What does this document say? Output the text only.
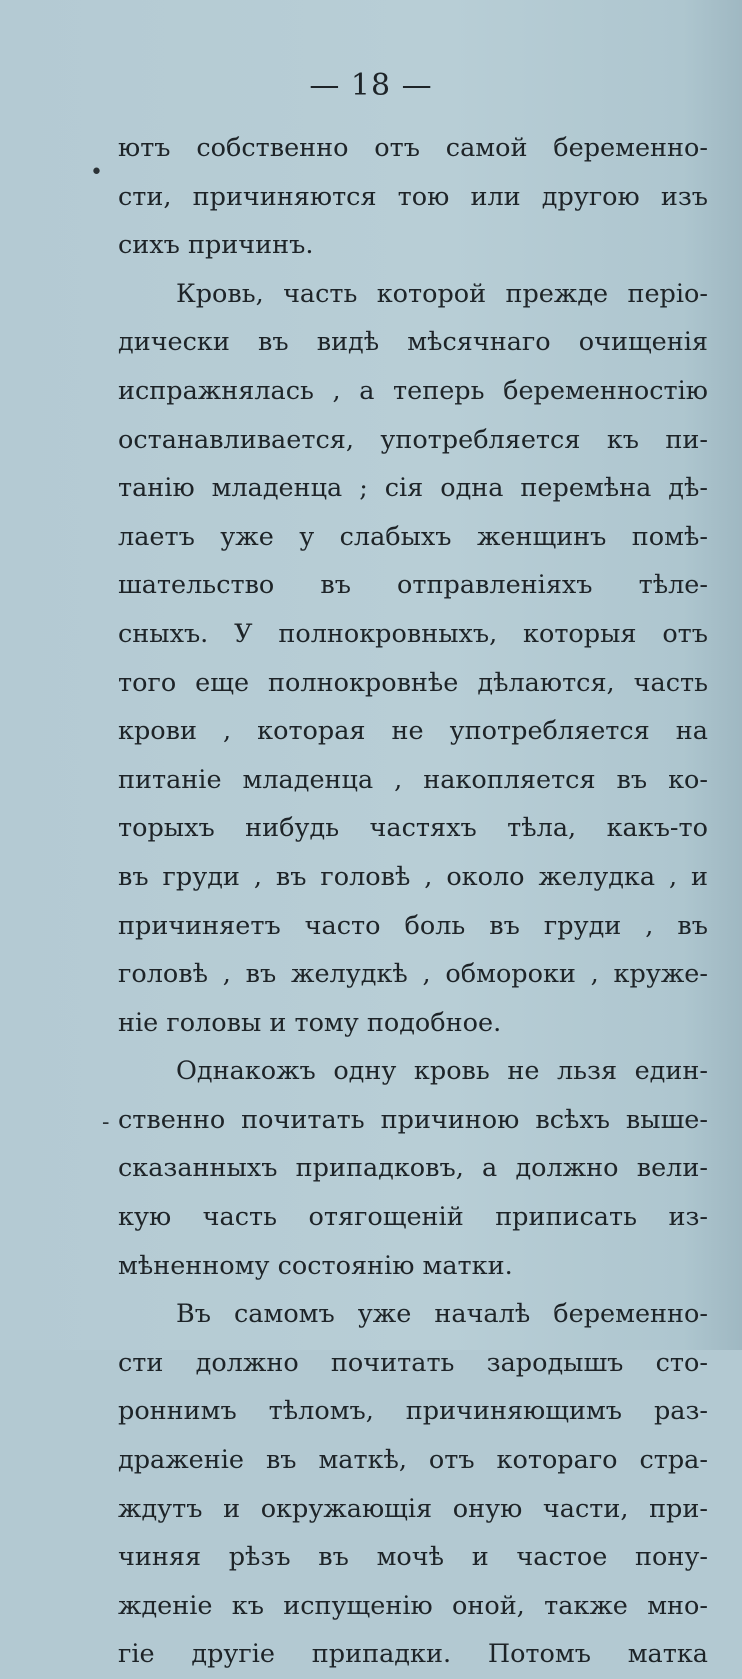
— 18 —
•
-
ютъ собственно отъ самой беременно-
сти, причиняются тою или другою изъ
сихъ причинъ.
Кровь, часть которой прежде періо-
дически въ видѣ мѣсячнаго очищенія
испражнялась , а теперь беременностію
останавливается, употребляется къ пи-
танію младенца ; сія одна перемѣна дѣ-
лаетъ уже у слабыхъ женщинъ помѣ-
шательство въ отправленіяхъ тѣле-
сныхъ. У полнокровныхъ, которыя отъ
того еще полнокровнѣе дѣлаются, часть
крови , которая не употребляется на
питаніе младенца , накопляется въ ко-
торыхъ нибудь частяхъ тѣла, какъ-то
въ груди , въ головѣ , около желудка , и
причиняетъ часто боль въ груди , въ
головѣ , въ желудкѣ , обмороки , круже-
ніе головы и тому подобное.
Однакожъ одну кровь не льзя един-
ственно почитать причиною всѣхъ выше-
сказанныхъ припадковъ, а должно вели-
кую часть отягощеній приписать из-
мѣненному состоянію матки.
Въ самомъ уже началѣ беременно-
сти должно почитать зародышъ сто-
роннимъ тѣломъ, причиняющимъ раз-
драженіе въ маткѣ, отъ котораго стра-
ждутъ и окружающія оную части, при-
чиняя рѣзъ въ мочѣ и частое пону-
жденіе къ испущенію оной, также мно-
гіе другіе припадки. Потомъ матка
